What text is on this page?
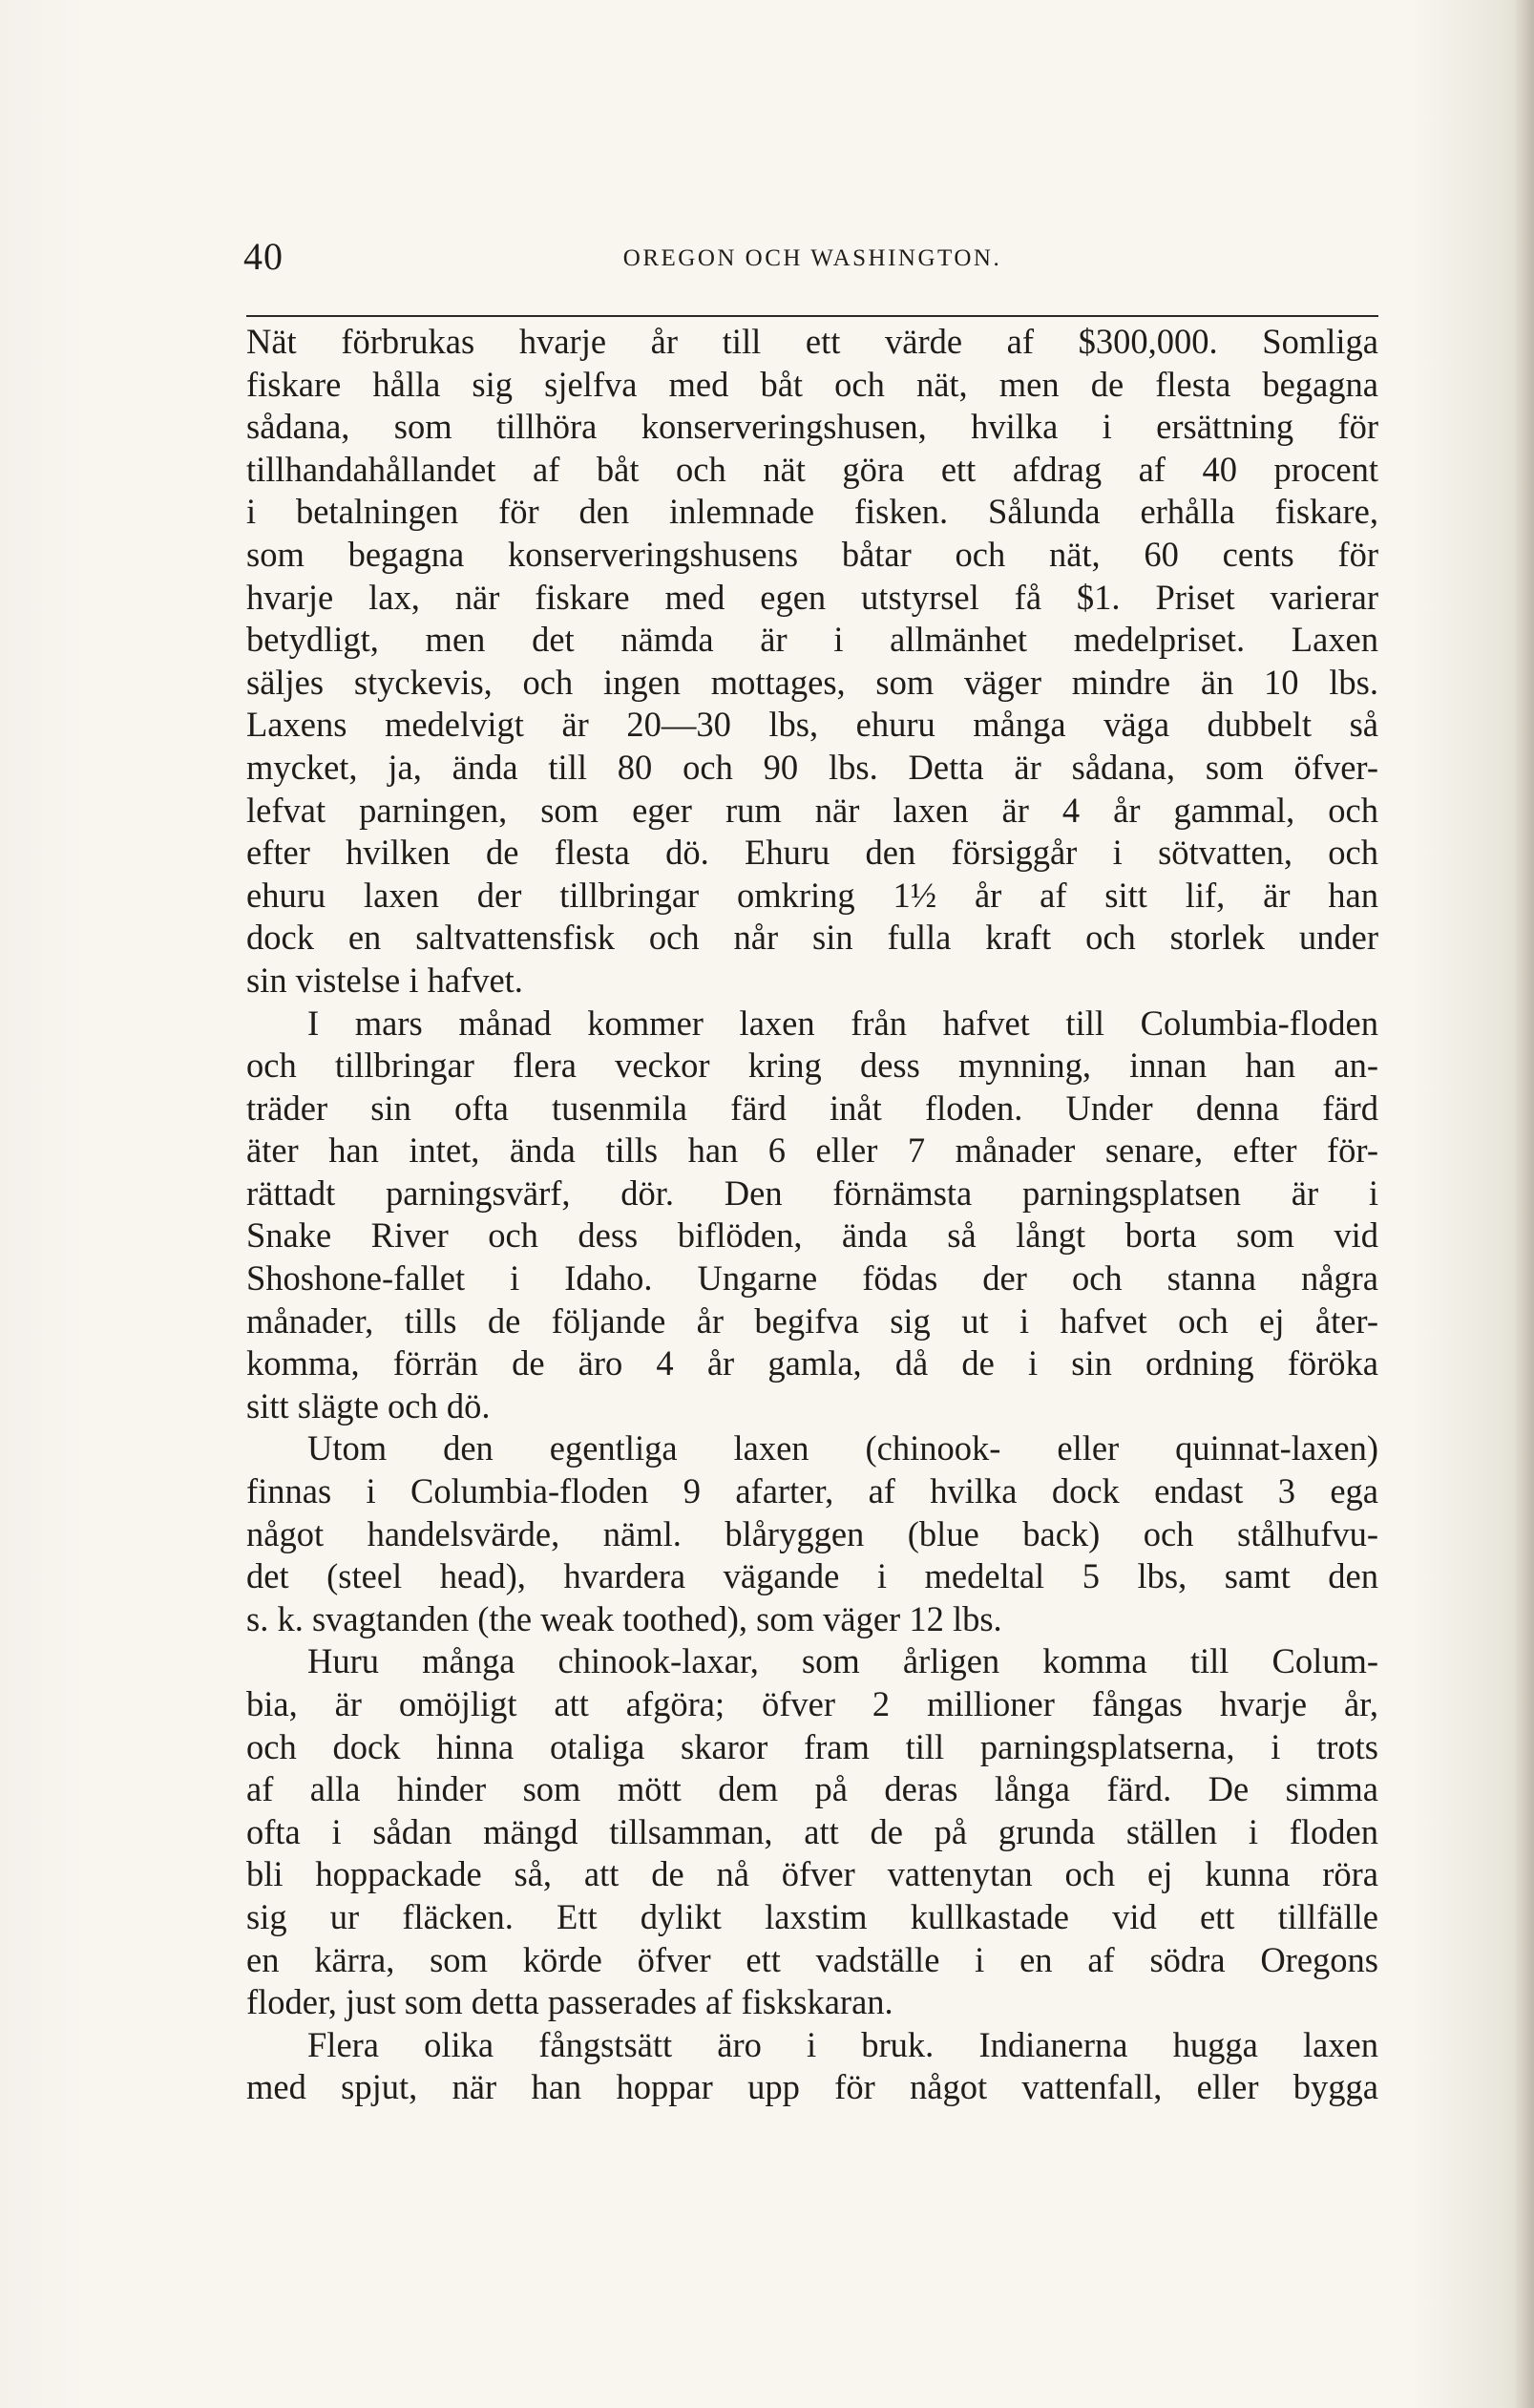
40	OREGON OCH WASHINGTON.
Nät förbrukas hvarje år till ett värde af $300,000. Somliga
fiskare hålla sig sjelfva med båt och nät, men de flesta begagna
sådana, som tillhöra konserveringshusen, hvilka i ersättning för
tillhandahållandet af båt och nät göra ett afdrag af 40 procent
i betalningen för den inlemnade fisken. Sålunda erhålla fiskare,
som begagna konserveringshusens båtar och nät, 60 cents för
hvarje lax, när fiskare med egen utstyrsel få $1. Priset varierar
betydligt, men det nämda är i allmänhet medelpriset. Laxen
säljes styckevis, och ingen mottages, som väger mindre än 10 lbs.
Laxens medelvigt är 20—30 lbs, ehuru många väga dubbelt så
mycket, ja, ända till 80 och 90 lbs. Detta är sådana, som öfver-
lefvat parningen, som eger rum när laxen är 4 år gammal, och
efter hvilken de flesta dö. Ehuru den försiggår i sötvatten, och
ehuru laxen der tillbringar omkring 1½ år af sitt lif, är han
dock en saltvattensfisk och når sin fulla kraft och storlek under
sin vistelse i hafvet.
I mars månad kommer laxen från hafvet till Columbia-floden
och tillbringar flera veckor kring dess mynning, innan han an-
träder sin ofta tusenmila färd inåt floden. Under denna färd
äter han intet, ända tills han 6 eller 7 månader senare, efter för-
rättadt parningsvärf, dör. Den förnämsta parningsplatsen är i
Snake River och dess biflöden, ända så långt borta som vid
Shoshone-fallet i Idaho. Ungarne födas der och stanna några
månader, tills de följande år begifva sig ut i hafvet och ej åter-
komma, förrän de äro 4 år gamla, då de i sin ordning föröka
sitt slägte och dö.
Utom den egentliga laxen (chinook- eller quinnat-laxen)
finnas i Columbia-floden 9 afarter, af hvilka dock endast 3 ega
något handelsvärde, näml. blåryggen (blue back) och stålhufvu-
det (steel head), hvardera vägande i medeltal 5 lbs, samt den
s. k. svagtanden (the weak toothed), som väger 12 lbs.
Huru många chinook-laxar, som årligen komma till Colum-
bia, är omöjligt att afgöra; öfver 2 millioner fångas hvarje år,
och dock hinna otaliga skaror fram till parningsplatserna, i trots
af alla hinder som mött dem på deras långa färd. De simma
ofta i sådan mängd tillsamman, att de på grunda ställen i floden
bli hoppackade så, att de nå öfver vattenytan och ej kunna röra
sig ur fläcken. Ett dylikt laxstim kullkastade vid ett tillfälle
en kärra, som körde öfver ett vadställe i en af södra Oregons
floder, just som detta passerades af fiskskaran.
Flera olika fångstsätt äro i bruk. Indianerna hugga laxen
med spjut, när han hoppar upp för något vattenfall, eller bygga
